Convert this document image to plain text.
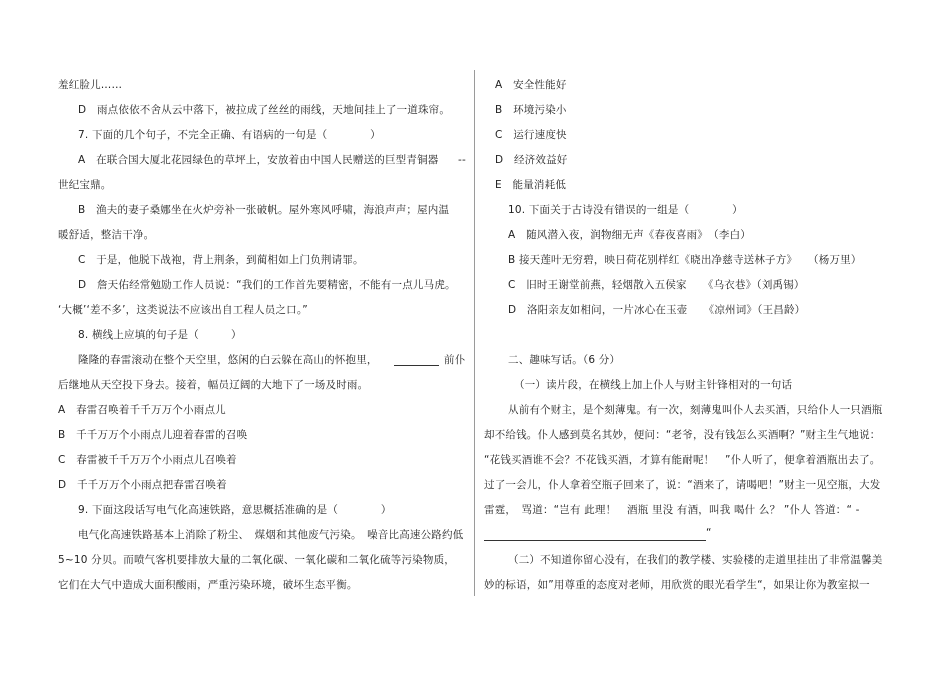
羞红脸儿……
D　雨点依依不舍从云中落下，被拉成了丝丝的雨线，天地间挂上了一道珠帘。
7. 下面的几个句子，不完全正确、有语病的一句是（　　　　）
A　在联合国大厦北花园绿色的草坪上，安放着由中国人民赠送的巨型青铜器 --
世纪宝鼎。
B　渔夫的妻子桑娜坐在火炉旁补一张破帆。屋外寒风呼啸，海浪声声；屋内温
暖舒适，整洁干净。
C　于是，他脱下战袍，背上荆条，到蔺相如上门负荆请罪。
D　詹天佑经常勉励工作人员说：“我们的工作首先要精密，不能有一点儿马虎。
‘大概’‘差不多’，这类说法不应该出自工程人员之口。”
8. 横线上应填的句子是（　　　）
隆隆的春雷滚动在整个天空里，悠闲的白云躲在高山的怀抱里，	前仆
后继地从天空投下身去。接着，幅员辽阔的大地下了一场及时雨。
A　春雷召唤着千千万万个小雨点儿
B　千千万万个小雨点儿迎着春雷的召唤
C　春雷被千千万万个小雨点儿召唤着
D　千千万万个小雨点把春雷召唤着
9. 下面这段话写电气化高速铁路，意思概括准确的是（　　　　）
电气化高速铁路基本上消除了粉尘、　煤烟和其他废气污染。　噪音比高速公路约低
5~10 分贝。而喷气客机要排放大量的二氧化碳、一氧化碳和二氧化硫等污染物质，
它们在大气中造成大面积酸雨，严重污染环境，破坏生态平衡。
A　安全性能好
B　环境污染小
C　运行速度快
D　经济效益好
E　能量消耗低
10. 下面关于古诗没有错误的一组是（　　　　）
A　随风潜入夜，润物细无声《春夜喜雨》　（李白）
B 接天莲叶无穷碧，映日荷花别样红《晓出净慈寺送林子方》　　（杨万里）
C　旧时王谢堂前燕，轻烟散入五侯家　　《乌衣巷》（刘禹锡）
D　洛阳亲友如相问，一片冰心在玉壶　　《凉州词》（王昌龄）
二、趣味写话。（6 分）
（一）读片段，在横线上加上仆人与财主针锋相对的一句话
从前有个财主，是个刻薄鬼。有一次，刻薄鬼叫仆人去买酒，只给仆人一只酒瓶
却不给钱。仆人感到莫名其妙，便问：“老爷，没有钱怎么买酒啊？”财主生气地说：
“花钱买酒谁不会？不花钱买酒，才算有能耐呢！　”仆人听了，便拿着酒瓶出去了。
过了一会儿，仆人拿着空瓶子回来了，说：“酒来了，请喝吧！”财主一见空瓶，大发
雷霆，　骂道：“岂有 此理！　酒瓶 里没 有酒，叫我 喝什 么？ ”仆人 答道：“ -
“
（二）不知道你留心没有，在我们的教学楼、实验楼的走道里挂出了非常温馨美
妙的标语，如”用尊重的态度对老师，用欣赏的眼光看学生“，如果让你为教室拟一
